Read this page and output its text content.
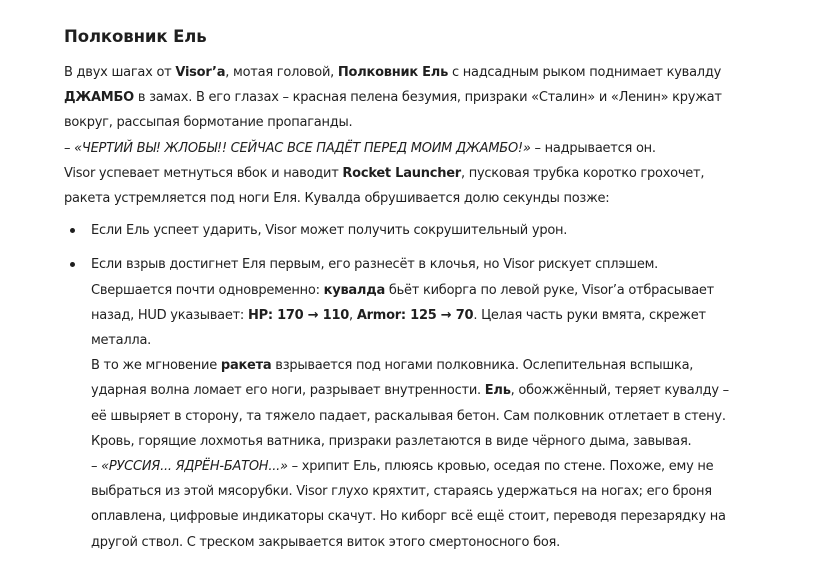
Полковник Ель

В двух шагах от Visor’a, мотая головой, Полковник Ель с надсадным рыком поднимает кувалду
ДЖАМБО в замах. В его глазах – красная пелена безумия, призраки «Сталин» и «Ленин» кружат
вокруг, рассыпая бормотание пропаганды.
– «ЧЕРТИЙ ВЫ! ЖЛОБЫ!! СЕЙЧАС ВСЕ ПАДЁТ ПЕРЕД МОИМ ДЖАМБО!» – надрывается он.
Visor успевает метнуться вбок и наводит Rocket Launcher, пусковая трубка коротко грохочет,
ракета устремляется под ноги Еля. Кувалда обрушивается долю секунды позже:

Если Ель успеет ударить, Visor может получить сокрушительный урон.

Если взрыв достигнет Еля первым, его разнесёт в клочья, но Visor рискует сплэшем.
Свершается почти одновременно: кувалда бьёт киборга по левой руке, Visor’a отбрасывает
назад, HUD указывает: HP: 170 → 110, Armor: 125 → 70. Целая часть руки вмята, скрежет
металла.
В то же мгновение ракета взрывается под ногами полковника. Ослепительная вспышка,
ударная волна ломает его ноги, разрывает внутренности. Ель, обожжённый, теряет кувалду –
её швыряет в сторону, та тяжело падает, раскалывая бетон. Сам полковник отлетает в стену.
Кровь, горящие лохмотья ватника, призраки разлетаются в виде чёрного дыма, завывая.
– «РУССИЯ... ЯДРЁН-БАТОН...» – хрипит Ель, плюясь кровью, оседая по стене. Похоже, ему не
выбраться из этой мясорубки. Visor глухо кряхтит, стараясь удержаться на ногах; его броня
оплавлена, цифровые индикаторы скачут. Но киборг всё ещё стоит, переводя перезарядку на
другой ствол. С треском закрывается виток этого смертоносного боя.
